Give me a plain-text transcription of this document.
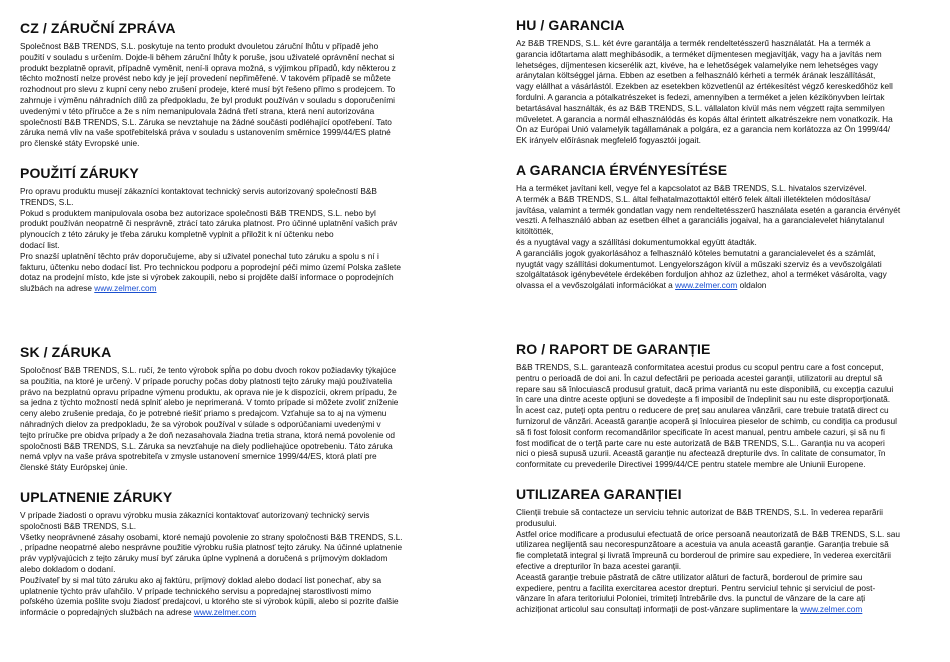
CZ / ZÁRUČNÍ ZPRÁVA
Společnost B&B TRENDS, S.L. poskytuje na tento produkt dvouletou záruční lhůtu v případě jeho
použití v souladu s určením. Dojde-li během záruční lhůty k poruše, jsou uživatelé oprávnění nechat si
produkt bezplatně opravit, případně vyměnit, není-li oprava možná, s výjimkou případů, kdy některou z
těchto možností nelze provést nebo kdy je její provedení nepřiměřené. V takovém případě se můžete
rozhodnout pro slevu z kupní ceny nebo zrušení prodeje, které musí být řešeno přímo s prodejcem. To
zahrnuje i výměnu náhradních dílů za předpokladu, že byl produkt používán v souladu s doporučeními
uvedenými v této příručce a že s ním nemanipulovala žádná třetí strana, která není autorizována
společností B&B TRENDS, S.L. Záruka se nevztahuje na žádné součásti podléhající opotřebení. Tato
záruka nemá vliv na vaše spotřebitelská práva v souladu s ustanovením směrnice 1999/44/ES platné
pro členské státy Evropské unie.
POUŽITÍ ZÁRUKY
Pro opravu produktu musejí zákazníci kontaktovat technický servis autorizovaný společností B&B
TRENDS, S.L.
Pokud s produktem manipulovala osoba bez autorizace společnosti B&B TRENDS, S.L. nebo byl
produkt používán neopatrně či nesprávně, ztrácí tato záruka platnost. Pro účinné uplatnění vašich práv
plynoucích z této záruky je třeba záruku kompletně vyplnit a přiložit k ní účtenku nebo
dodací list.
Pro snazší uplatnění těchto práv doporučujeme, aby si uživatel ponechal tuto záruku a spolu s ní i
fakturu, účtenku nebo dodací list. Pro technickou podporu a poprodejní péči mimo území Polska zašlete
dotaz na prodejní místo, kde jste si výrobek zakoupili, nebo si projděte další informace o poprodejních
službách na adrese www.zelmer.com
SK / ZÁRUKA
Spoločnosť B&B TRENDS, S.L. ručí, že tento výrobok spĺňa po dobu dvoch rokov požiadavky týkajúce
sa použitia, na ktoré je určený. V prípade poruchy počas doby platnosti tejto záruky majú používatelia
právo na bezplatnú opravu prípadne výmenu produktu, ak oprava nie je k dispozícii, okrem prípadu, že
sa jedna z týchto možností nedá splniť alebo je neprimeraná. V tomto prípade si môžete zvoliť zníženie
ceny alebo zrušenie predaja, čo je potrebné riešiť priamo s predajcom. Vzťahuje sa to aj na výmenu
náhradných dielov za predpokladu, že sa výrobok používal v súlade s odporúčaniami uvedenými v
tejto príručke pre obidva prípady a že doň nezasahovala žiadna tretia strana, ktorá nemá povolenie od
spoločnosti B&B TRENDS, S.L. Záruka sa nevzťahuje na diely podliehajúce opotrebeniu. Táto záruka
nemá vplyv na vaše práva spotrebiteľa v zmysle ustanovení smernice 1999/44/ES, ktorá platí pre
členské štáty Európskej únie.
UPLATNENIE ZÁRUKY
V prípade žiadosti o opravu výrobku musia zákazníci kontaktovať autorizovaný technický servis
spoločnosti B&B TRENDS, S.L.
Všetky neoprávnené zásahy osobami, ktoré nemajú povolenie zo strany spoločnosti B&B TRENDS, S.L.
, prípadne neopatrné alebo nesprávne použitie výrobku rušia platnosť tejto záruky. Na účinné uplatnenie
práv vyplývajúcich z tejto záruky musí byť záruka úplne vyplnená a doručená s príjmovým dokladom
alebo dokladom o dodaní.
Používateľ by si mal túto záruku ako aj faktúru, príjmový doklad alebo dodací list ponechať, aby sa
uplatnenie týchto práv uľahčilo. V prípade technického servisu a popredajnej starostlivosti mimo
poľského územia pošlite svoju žiadosť predajcovi, u ktorého ste si výrobok kúpili, alebo si pozrite ďalšie
informácie o popredajných službách na adrese www.zelmer.com
HU / GARANCIA
Az B&B TRENDS, S.L. két évre garantálja a termék rendeltetésszerű használatát. Ha a termék a
garancia időtartama alatt meghibásodik, a terméket díjmentesen megjavítják, vagy ha a javítás nem
lehetséges, díjmentesen kicserélik azt, kivéve, ha e lehetőségek valamelyike nem lehetséges vagy
aránytalan költséggel járna. Ebben az esetben a felhasználó kérheti a termék árának leszállítását,
vagy elállhat a vásárlástól. Ezekben az esetekben közvetlenül az értékesítést végző kereskedőhöz kell
fordulni. A garancia a pótalkatrészeket is fedezi, amennyiben a terméket a jelen kézikönyvben leírtak
betartásával használták, és az B&B TRENDS, S.L. vállalaton kívül más nem végzett rajta semmilyen
műveletet. A garancia a normál elhasználódás és kopás által érintett alkatrészekre nem vonatkozik. Ha
Ön az Európai Unió valamelyik tagállamának a polgára, ez a garancia nem korlátozza az Ön 1999/44/
EK irányelv előírásnak megfelelő fogyasztói jogait.
A GARANCIA ÉRVÉNYESÍTÉSE
Ha a terméket javítani kell, vegye fel a kapcsolatot az B&B TRENDS, S.L. hivatalos szervizével.
A termék a B&B TRENDS, S.L. által felhatalmazottaktól eltérő felek általi illetéktelen módosítása/
javítása, valamint a termék gondatlan vagy nem rendeltetésszerű használata esetén a garancia érvényét
veszti. A felhasználó abban az esetben élhet a garanciális jogaival, ha a garancialevelet hiánytalanul
kitöltötték,
és a nyugtával vagy a szállítási dokumentumokkal együtt átadták.
A garanciális jogok gyakorlásához a felhasználó köteles bemutatni a garancialevelet és a számlát,
nyugtát vagy szállítási dokumentumot. Lengyelországon kívül a műszaki szerviz és a vevőszolgálati
szolgáltatások igénybevétele érdekében forduljon ahhoz az üzlethez, ahol a terméket vásárolta, vagy
olvassa el a vevőszolgálati információkat a www.zelmer.com oldalon
RO / RAPORT DE GARANȚIE
B&B TRENDS, S.L. garantează conformitatea acestui produs cu scopul pentru care a fost conceput,
pentru o perioadă de doi ani. În cazul defectării pe perioada acestei garanții, utilizatorii au dreptul să
repare sau să înlocuiască produsul gratuit, dacă prima variantă nu este disponibilă, cu excepția cazului
în care una dintre aceste opțiuni se dovedește a fi imposibil de îndeplinit sau nu este disproporționată.
În acest caz, puteți opta pentru o reducere de preț sau anularea vânzării, care trebuie tratată direct cu
furnizorul de vânzări. Această garanție acoperă și înlocuirea pieselor de schimb, cu condiția ca produsul
să fi fost folosit conform recomandărilor specificate în acest manual, pentru ambele cazuri, și să nu fi
fost modificat de o terță parte care nu este autorizată de B&B TRENDS, S.L.. Garanția nu va acoperi
nici o piesă supusă uzurii. Această garanție nu afectează drepturile dvs. în calitate de consumator, în
conformitate cu prevederile Directivei 1999/44/CE pentru statele membre ale Uniunii Europene.
UTILIZAREA GARANȚIEI
Clienții trebuie să contacteze un serviciu tehnic autorizat de B&B TRENDS, S.L. în vederea reparării
produsului.
Astfel orice modificare a produsului efectuată de orice persoană neautorizată de B&B TRENDS, S.L. sau
utilizarea neglijentă sau necorespunzătoare a acestuia va anula această garanție. Garanția trebuie să
fie completată integral și livrată împreună cu borderoul de primire sau expediere, în vederea exercitării
efective a drepturilor în baza acestei garanții.
Această garanție trebuie păstrată de către utilizator alături de factură, borderoul de primire sau
expediere, pentru a facilita exercitarea acestor drepturi. Pentru serviciul tehnic și serviciul de post-
vânzare în afara teritoriului Poloniei, trimiteți întrebările dvs. la punctul de vânzare de la care ați
achiziționat articolul sau consultați informații de post-vânzare suplimentare la www.zelmer.com
